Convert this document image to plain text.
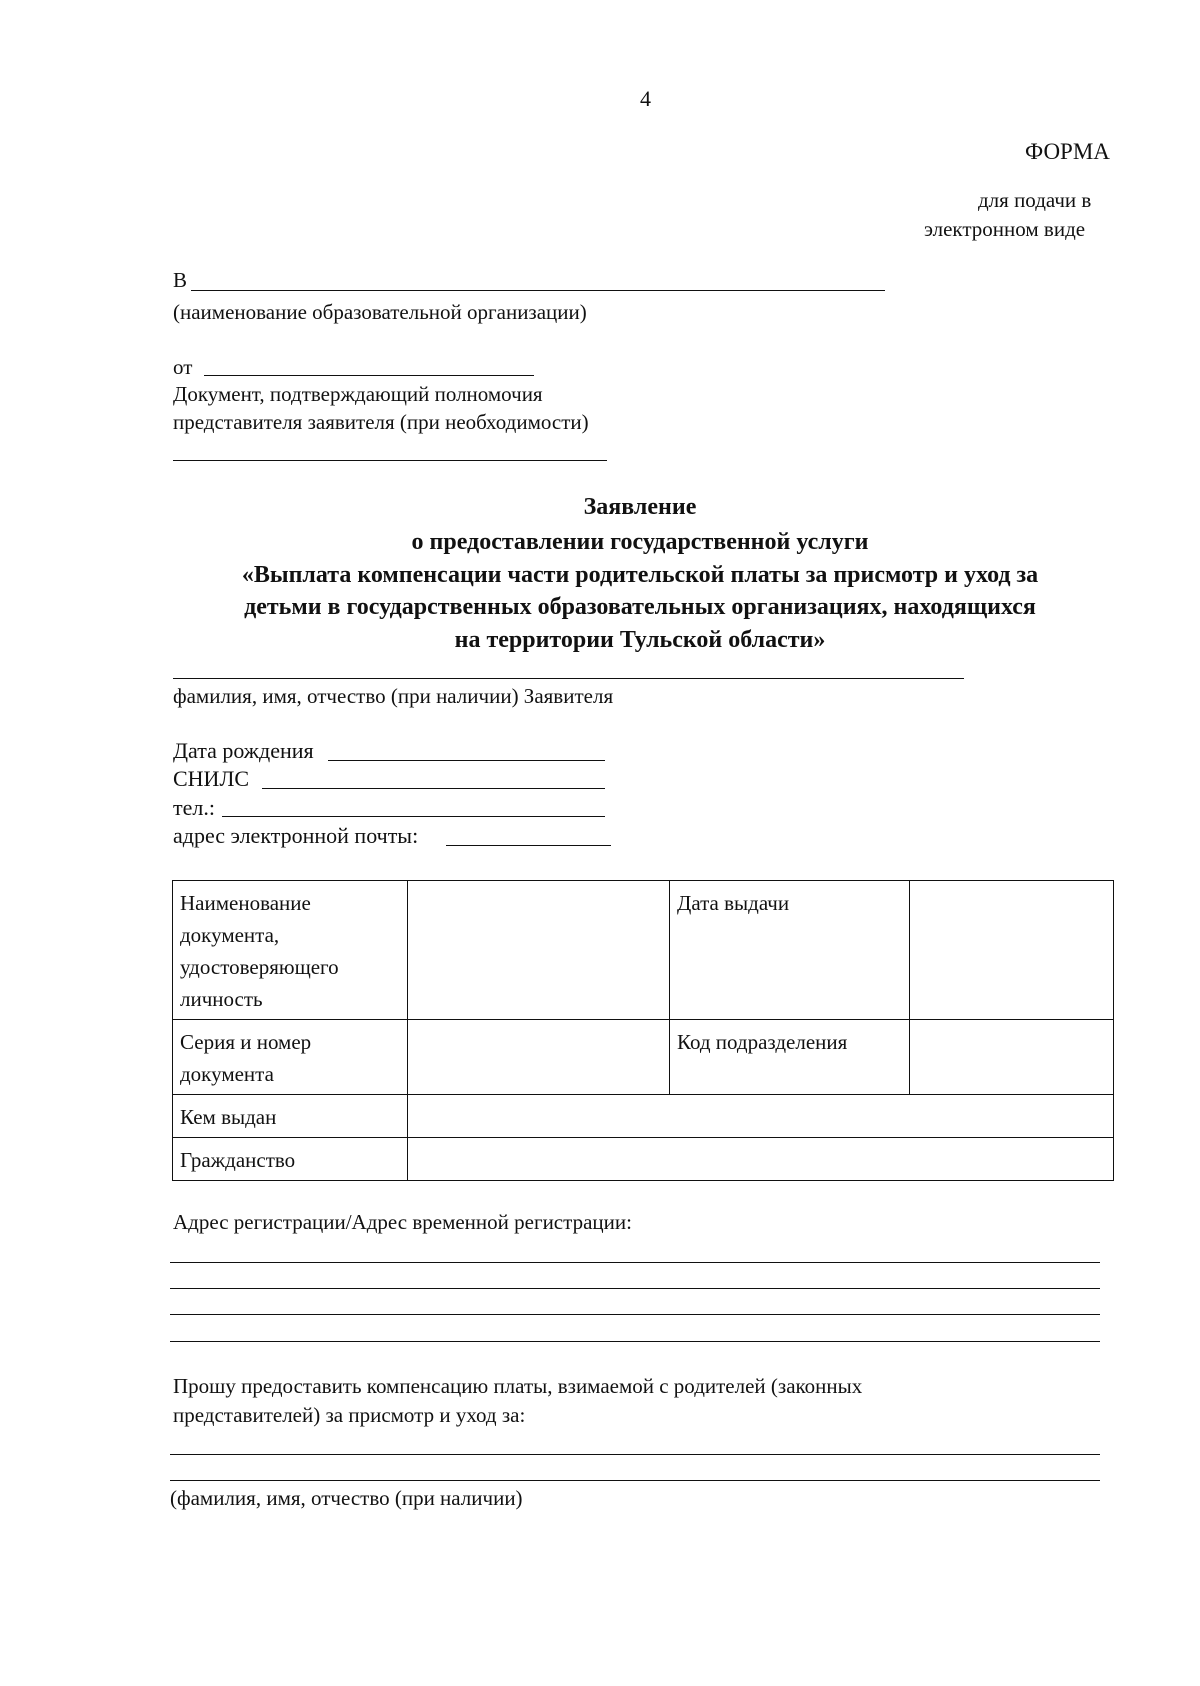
4
ФОРМА
для подачи в
электронном виде
В
(наименование образовательной организации)
от
Документ, подтверждающий полномочия
представителя заявителя (при необходимости)
Заявление
о предоставлении государственной услуги
«Выплата компенсации части родительской платы за присмотр и уход за
детьми в государственных образовательных организациях, находящихся
на территории Тульской области»
фамилия, имя, отчество (при наличии) Заявителя
Дата рождения
СНИЛС
тел.:
адрес электронной почты:
Наименование
документа,
удостоверяющего
личность		Дата выдачи	
Серия и номер
документа		Код подразделения	
Кем выдан			
Гражданство			
Адрес регистрации/Адрес временной регистрации:
Прошу предоставить компенсацию платы, взимаемой с родителей (законных
представителей) за присмотр и уход за:
(фамилия, имя, отчество (при наличии)
